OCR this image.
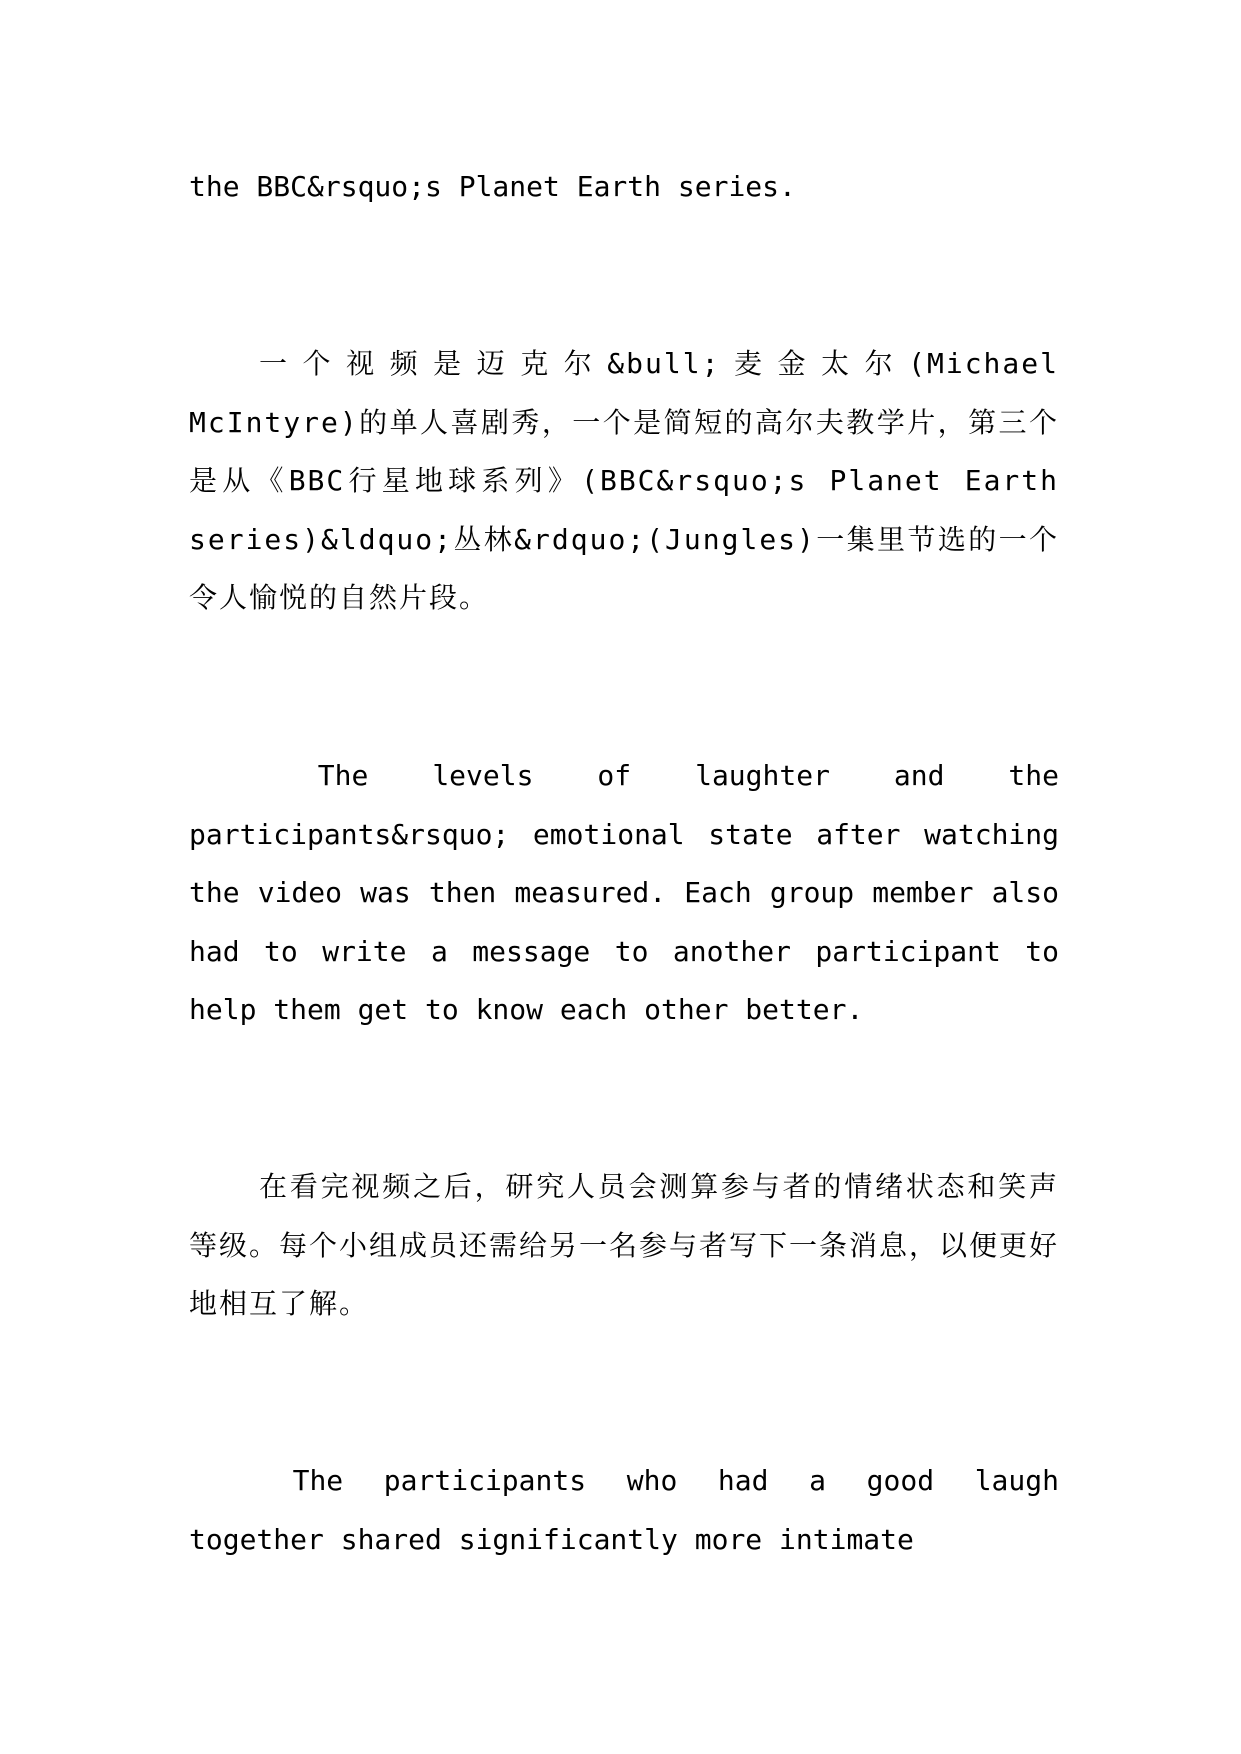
the BBC&rsquo;s Planet Earth series.

一个视频是迈克尔&bull;麦金太尔(Michael McIntyre)的单人喜剧秀，一个是简短的高尔夫教学片，第三个是从《BBC行星地球系列》(BBC&rsquo;s Planet Earth series)&ldquo;丛林&rdquo;(Jungles)一集里节选的一个令人愉悦的自然片段。

The levels of laughter and the participants&rsquo; emotional state after watching the video was then measured. Each group member also had to write a message to another participant to help them get to know each other better.

在看完视频之后，研究人员会测算参与者的情绪状态和笑声等级。每个小组成员还需给另一名参与者写下一条消息，以便更好地相互了解。

The participants who had a good laugh together shared significantly more intimate
